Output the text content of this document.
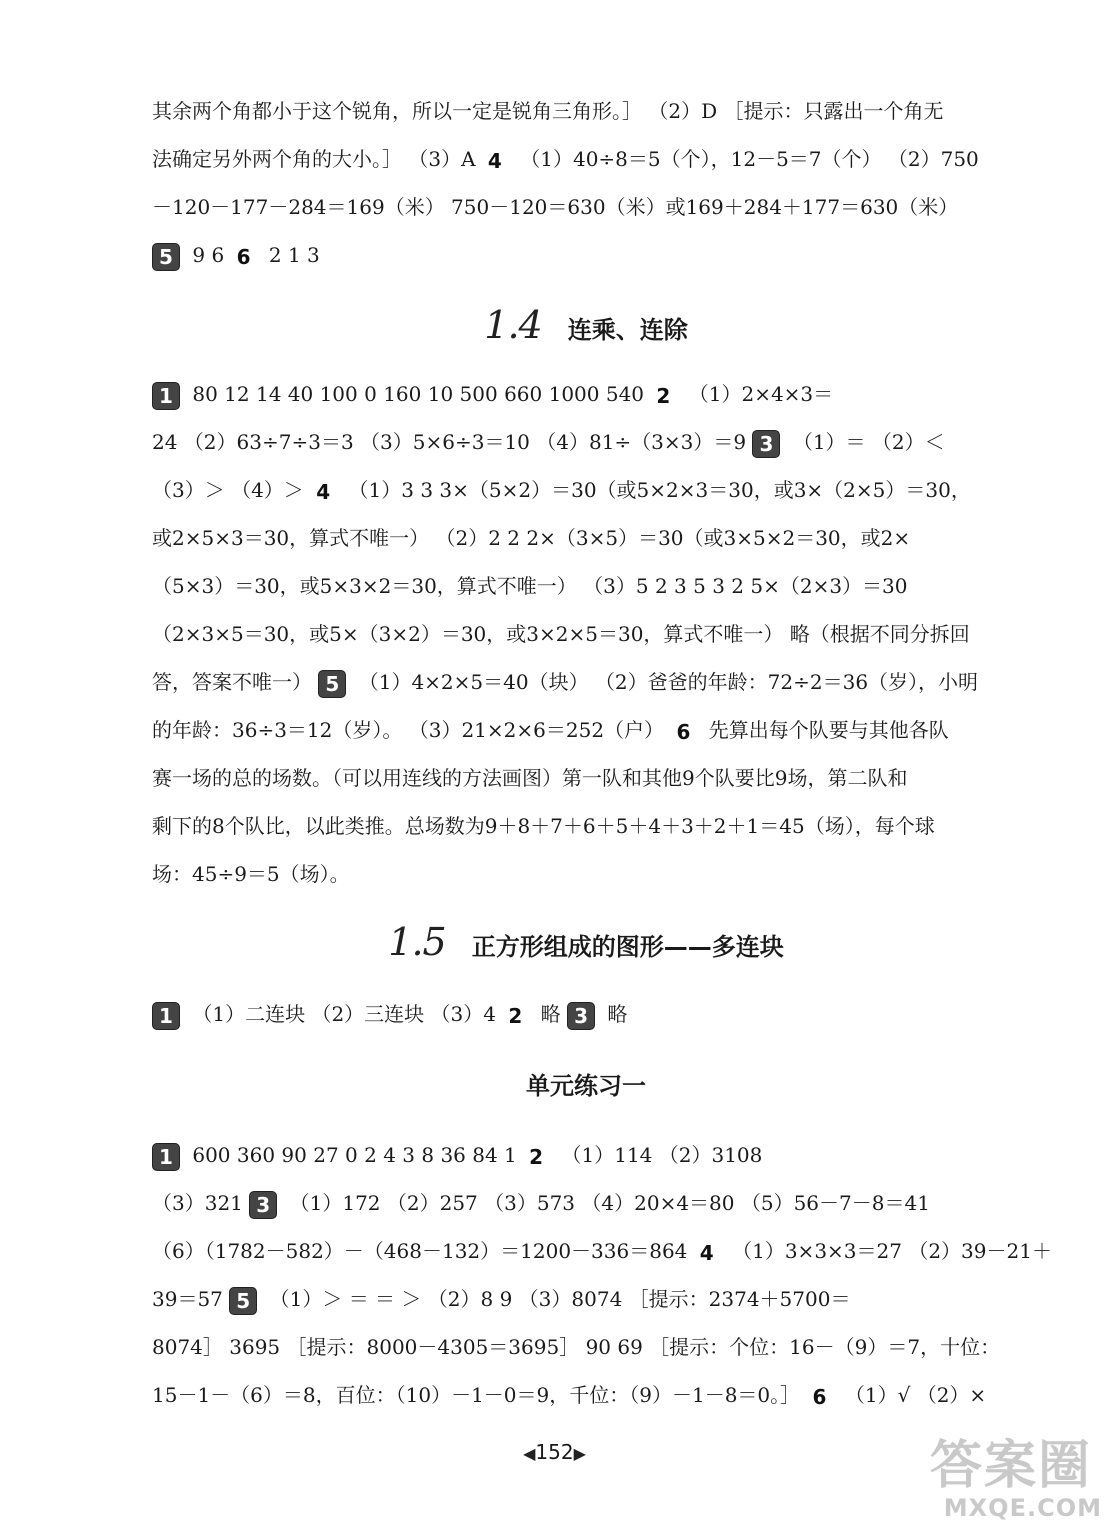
其余两个角都小于这个锐角，所以一定是锐角三角形。］ （2）D ［提示：只露出一个角无
法确定另外两个角的大小。］ （3）A 4 （1）40÷8＝5（个），12－5＝7（个） （2）750
－120－177－284＝169（米） 750－120＝630（米）或169＋284＋177＝630（米）
5 9 6 6 2 1 3
1.4 连乘、连除
1 80 12 14 40 100 0 160 10 500 660 1000 540 2 （1）2×4×3＝
24 （2）63÷7÷3＝3 （3）5×6÷3＝10 （4）81÷（3×3）＝9 3 （1）＝ （2）＜
（3）＞ （4）＞ 4 （1）3 3 3×（5×2）＝30（或5×2×3＝30，或3×（2×5）＝30，
或2×5×3＝30，算式不唯一） （2）2 2 2×（3×5）＝30（或3×5×2＝30，或2×
（5×3）＝30，或5×3×2＝30，算式不唯一） （3）5 2 3 5 3 2 5×（2×3）＝30
（2×3×5＝30，或5×（3×2）＝30，或3×2×5＝30，算式不唯一） 略（根据不同分拆回
答，答案不唯一） 5 （1）4×2×5＝40（块） （2）爸爸的年龄：72÷2＝36（岁），小明
的年龄：36÷3＝12（岁）。 （3）21×2×6＝252（户） 6 先算出每个队要与其他各队
赛一场的总的场数。（可以用连线的方法画图）第一队和其他9个队要比9场，第二队和
剩下的8个队比，以此类推。总场数为9＋8＋7＋6＋5＋4＋3＋2＋1＝45（场），每个球
场：45÷9＝5（场）。
1.5 正方形组成的图形——多连块
1 （1）二连块 （2）三连块 （3）4 2 略 3 略
单元练习一
1 600 360 90 27 0 2 4 3 8 36 84 1 2 （1）114 （2）3108
（3）321 3 （1）172 （2）257 （3）573 （4）20×4＝80 （5）56－7－8＝41
（6）（1782－582）－（468－132）＝1200－336＝864 4 （1）3×3×3＝27 （2）39－21＋
39＝57 5 （1）＞ ＝ ＝ ＞ （2）8 9 （3）8074 ［提示：2374＋5700＝
8074］ 3695 ［提示：8000－4305＝3695］ 90 69 ［提示：个位：16－（9）＝7，十位：
15－1－（6）＝8，百位：（10）－1－0＝9，千位：（9）－1－8＝0。］ 6 （1）√ （2）×
◀152▶	答案圈
MXQE.COM
